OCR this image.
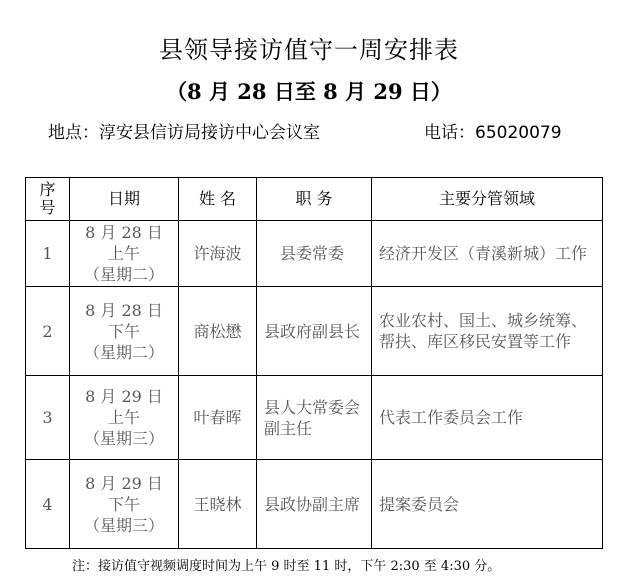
县领导接访值守一周安排表
（8 月 28 日至 8 月 29 日）
地点：淳安县信访局接访中心会议室	电话：65020079
序号	日期	姓 名	职 务	主要分管领域
1	8 月 28 日
上午
（星期二）	许海波	县委常委	经济开发区（青溪新城）工作
2	8 月 28 日
下午
（星期二）	商松懋	县政府副县长	农业农村、国土、城乡统筹、帮扶、库区移民安置等工作
3	8 月 29 日
上午
（星期三）	叶春晖	县人大常委会副主任	代表工作委员会工作
4	8 月 29 日
下午
（星期三）	王晓林	县政协副主席	提案委员会
注：接访值守视频调度时间为上午 9 时至 11 时，下午 2:30 至 4:30 分。
